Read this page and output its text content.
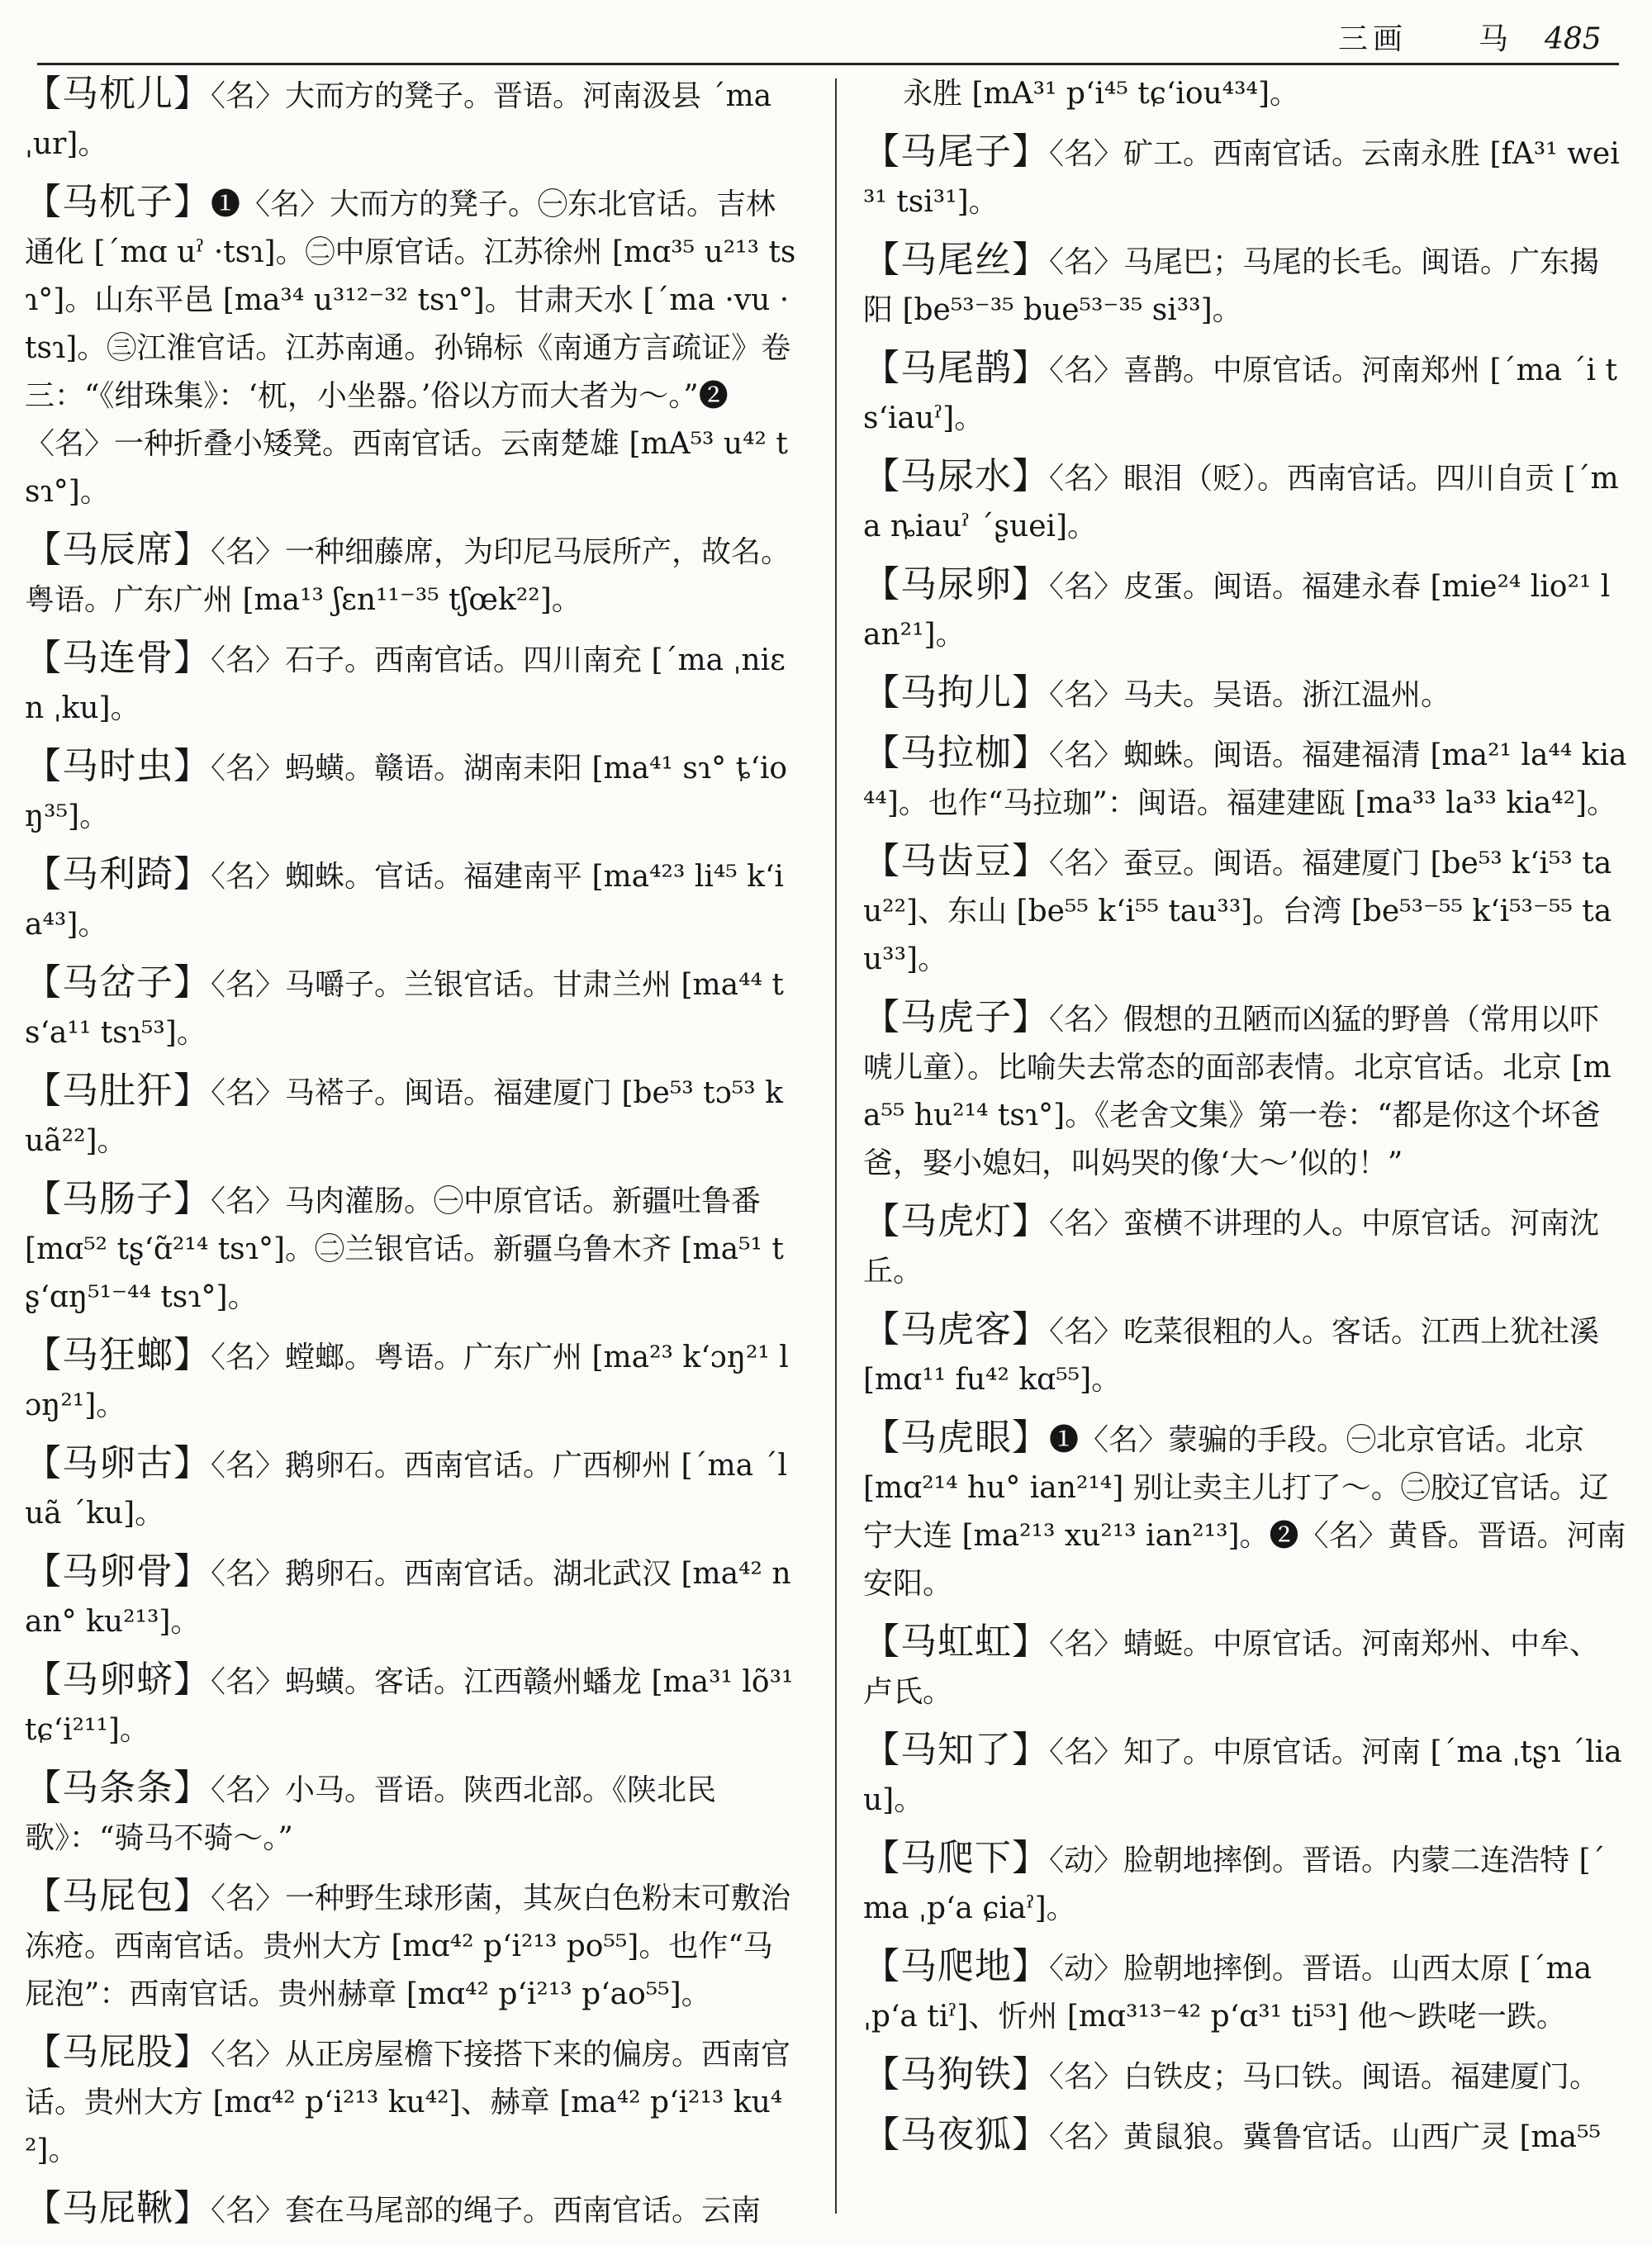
三画 马 485
【马杌儿】〈名〉大而方的凳子。晋语。河南汲县 ˊma ˌur]。
【马杌子】❶〈名〉大而方的凳子。㊀东北官话。吉林通化 [ˊmɑ uˀ ·tsɿ]。㊁中原官话。江苏徐州 [mɑ³⁵ u²¹³ tsɿ°]。山东平邑 [ma³⁴ u³¹²⁻³² tsɿ°]。甘肃天水 [ˊma ·vu ·tsɿ]。㊂江淮官话。江苏南通。孙锦标《南通方言疏证》卷三：“《绀珠集》：‘杌，小坐器。’俗以方而大者为～。”❷〈名〉一种折叠小矮凳。西南官话。云南楚雄 [mA⁵³ u⁴² tsɿ°]。
【马辰席】〈名〉一种细藤席，为印尼马辰所产，故名。粤语。广东广州 [ma¹³ ʃɛn¹¹⁻³⁵ tʃœk²²]。
【马连骨】〈名〉石子。西南官话。四川南充 [ˊma ˌniɛn ˌku]。
【马时虫】〈名〉蚂蟥。赣语。湖南耒阳 [ma⁴¹ sɿ° ȶ‘ioŋ³⁵]。
【马利踦】〈名〉蜘蛛。官话。福建南平 [ma⁴²³ li⁴⁵ k‘ia⁴³]。
【马岔子】〈名〉马嚼子。兰银官话。甘肃兰州 [ma⁴⁴ ts‘a¹¹ tsɿ⁵³]。
【马肚犴】〈名〉马褡子。闽语。福建厦门 [be⁵³ tɔ⁵³ kuã²²]。
【马肠子】〈名〉马肉灌肠。㊀中原官话。新疆吐鲁番 [mɑ⁵² tʂ‘ɑ̃²¹⁴ tsɿ°]。㊁兰银官话。新疆乌鲁木齐 [ma⁵¹ tʂ‘ɑŋ⁵¹⁻⁴⁴ tsɿ°]。
【马狂螂】〈名〉螳螂。粤语。广东广州 [ma²³ k‘ɔŋ²¹ lɔŋ²¹]。
【马卵古】〈名〉鹅卵石。西南官话。广西柳州 [ˊma ˊluã ˊku]。
【马卵骨】〈名〉鹅卵石。西南官话。湖北武汉 [ma⁴² nan° ku²¹³]。
【马卵蛴】〈名〉蚂蟥。客话。江西赣州蟠龙 [ma³¹ lõ³¹ tɕ‘i²¹¹]。
【马条条】〈名〉小马。晋语。陕西北部。《陕北民歌》：“骑马不骑～。”
【马屁包】〈名〉一种野生球形菌，其灰白色粉末可敷治冻疮。西南官话。贵州大方 [mɑ⁴² p‘i²¹³ po⁵⁵]。也作“马屁泡”：西南官话。贵州赫章 [mɑ⁴² p‘i²¹³ p‘ao⁵⁵]。
【马屁股】〈名〉从正房屋檐下接搭下来的偏房。西南官话。贵州大方 [mɑ⁴² p‘i²¹³ ku⁴²]、赫章 [ma⁴² p‘i²¹³ ku⁴²]。
【马屁鞦】〈名〉套在马尾部的绳子。西南官话。云南
永胜 [mA³¹ p‘i⁴⁵ tɕ‘iou⁴³⁴]。
【马尾子】〈名〉矿工。西南官话。云南永胜 [fA³¹ wei³¹ tsi³¹]。
【马尾丝】〈名〉马尾巴；马尾的长毛。闽语。广东揭阳 [be⁵³⁻³⁵ bue⁵³⁻³⁵ si³³]。
【马尾鹊】〈名〉喜鹊。中原官话。河南郑州 [ˊma ˊi ts‘iauˀ]。
【马尿水】〈名〉眼泪（贬）。西南官话。四川自贡 [ˊma ȵiauˀ ˊʂuei]。
【马尿卵】〈名〉皮蛋。闽语。福建永春 [mie²⁴ lio²¹ lan²¹]。
【马拘儿】〈名〉马夫。吴语。浙江温州。
【马拉枷】〈名〉蜘蛛。闽语。福建福清 [ma²¹ la⁴⁴ kia⁴⁴]。也作“马拉珈”：闽语。福建建瓯 [ma³³ la³³ kia⁴²]。
【马齿豆】〈名〉蚕豆。闽语。福建厦门 [be⁵³ k‘i⁵³ tau²²]、东山 [be⁵⁵ k‘i⁵⁵ tau³³]。台湾 [be⁵³⁻⁵⁵ k‘i⁵³⁻⁵⁵ tau³³]。
【马虎子】〈名〉假想的丑陋而凶猛的野兽（常用以吓唬儿童）。比喻失去常态的面部表情。北京官话。北京 [ma⁵⁵ hu²¹⁴ tsɿ°]。《老舍文集》第一卷：“都是你这个坏爸爸，娶小媳妇，叫妈哭的像‘大～’似的！”
【马虎灯】〈名〉蛮横不讲理的人。中原官话。河南沈丘。
【马虎客】〈名〉吃菜很粗的人。客话。江西上犹社溪 [mɑ¹¹ fu⁴² kɑ⁵⁵]。
【马虎眼】❶〈名〉蒙骗的手段。㊀北京官话。北京 [mɑ²¹⁴ hu° ian²¹⁴] 别让卖主儿打了～。㊁胶辽官话。辽宁大连 [ma²¹³ xu²¹³ ian²¹³]。❷〈名〉黄昏。晋语。河南安阳。
【马虹虹】〈名〉蜻蜓。中原官话。河南郑州、中牟、卢氏。
【马知了】〈名〉知了。中原官话。河南 [ˊma ˌtʂɿ ˊliau]。
【马爬下】〈动〉脸朝地摔倒。晋语。内蒙二连浩特 [ˊma ˌp‘a ɕiaˀ]。
【马爬地】〈动〉脸朝地摔倒。晋语。山西太原 [ˊma ˌp‘a tiˀ]、忻州 [mɑ³¹³⁻⁴² p‘ɑ³¹ ti⁵³] 他～跌咾一跌。
【马狗铁】〈名〉白铁皮；马口铁。闽语。福建厦门。
【马夜狐】〈名〉黄鼠狼。冀鲁官话。山西广灵 [ma⁵⁵
